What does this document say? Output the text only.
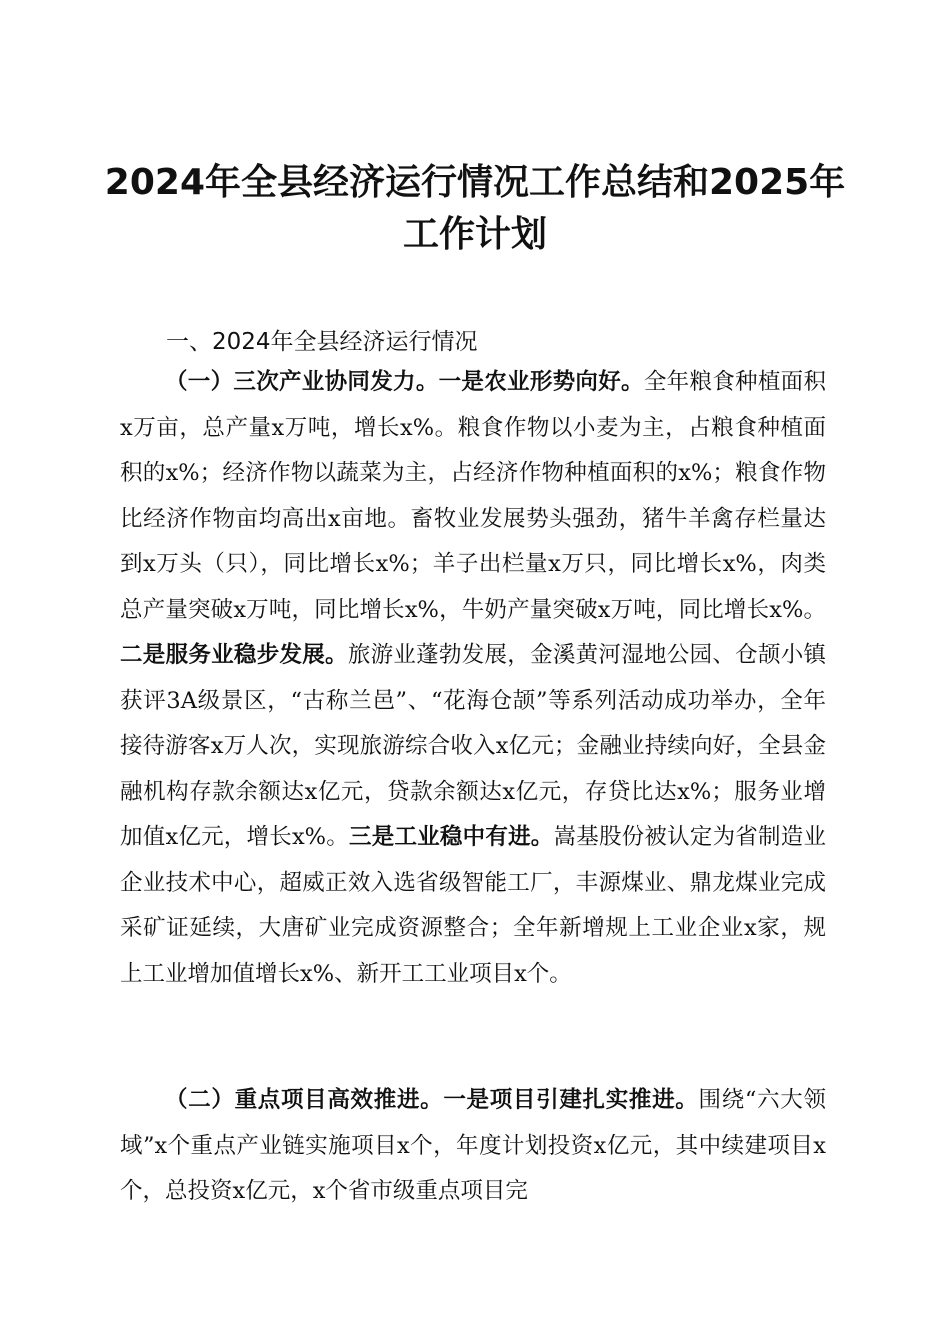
2024年全县经济运行情况工作总结和2025年工作计划

一、2024年全县经济运行情况

（一）三次产业协同发力。一是农业形势向好。全年粮食种植面积x万亩，总产量x万吨，增长x%。粮食作物以小麦为主，占粮食种植面积的x%；经济作物以蔬菜为主，占经济作物种植面积的x%；粮食作物比经济作物亩均高出x亩地。畜牧业发展势头强劲，猪牛羊禽存栏量达到x万头（只），同比增长x%；羊子出栏量x万只，同比增长x%，肉类总产量突破x万吨，同比增长x%，牛奶产量突破x万吨，同比增长x%。二是服务业稳步发展。旅游业蓬勃发展，金溪黄河湿地公园、仓颉小镇获评3A级景区，“古称兰邑”、“花海仓颉”等系列活动成功举办，全年接待游客x万人次，实现旅游综合收入x亿元；金融业持续向好，全县金融机构存款余额达x亿元，贷款余额达x亿元，存贷比达x%；服务业增加值x亿元，增长x%。三是工业稳中有进。嵩基股份被认定为省制造业企业技术中心，超威正效入选省级智能工厂，丰源煤业、鼎龙煤业完成采矿证延续，大唐矿业完成资源整合；全年新增规上工业企业x家，规上工业增加值增长x%、新开工工业项目x个。

（二）重点项目高效推进。一是项目引建扎实推进。围绕“六大领域”x个重点产业链实施项目x个，年度计划投资x亿元，其中续建项目x个，总投资x亿元，x个省市级重点项目完
